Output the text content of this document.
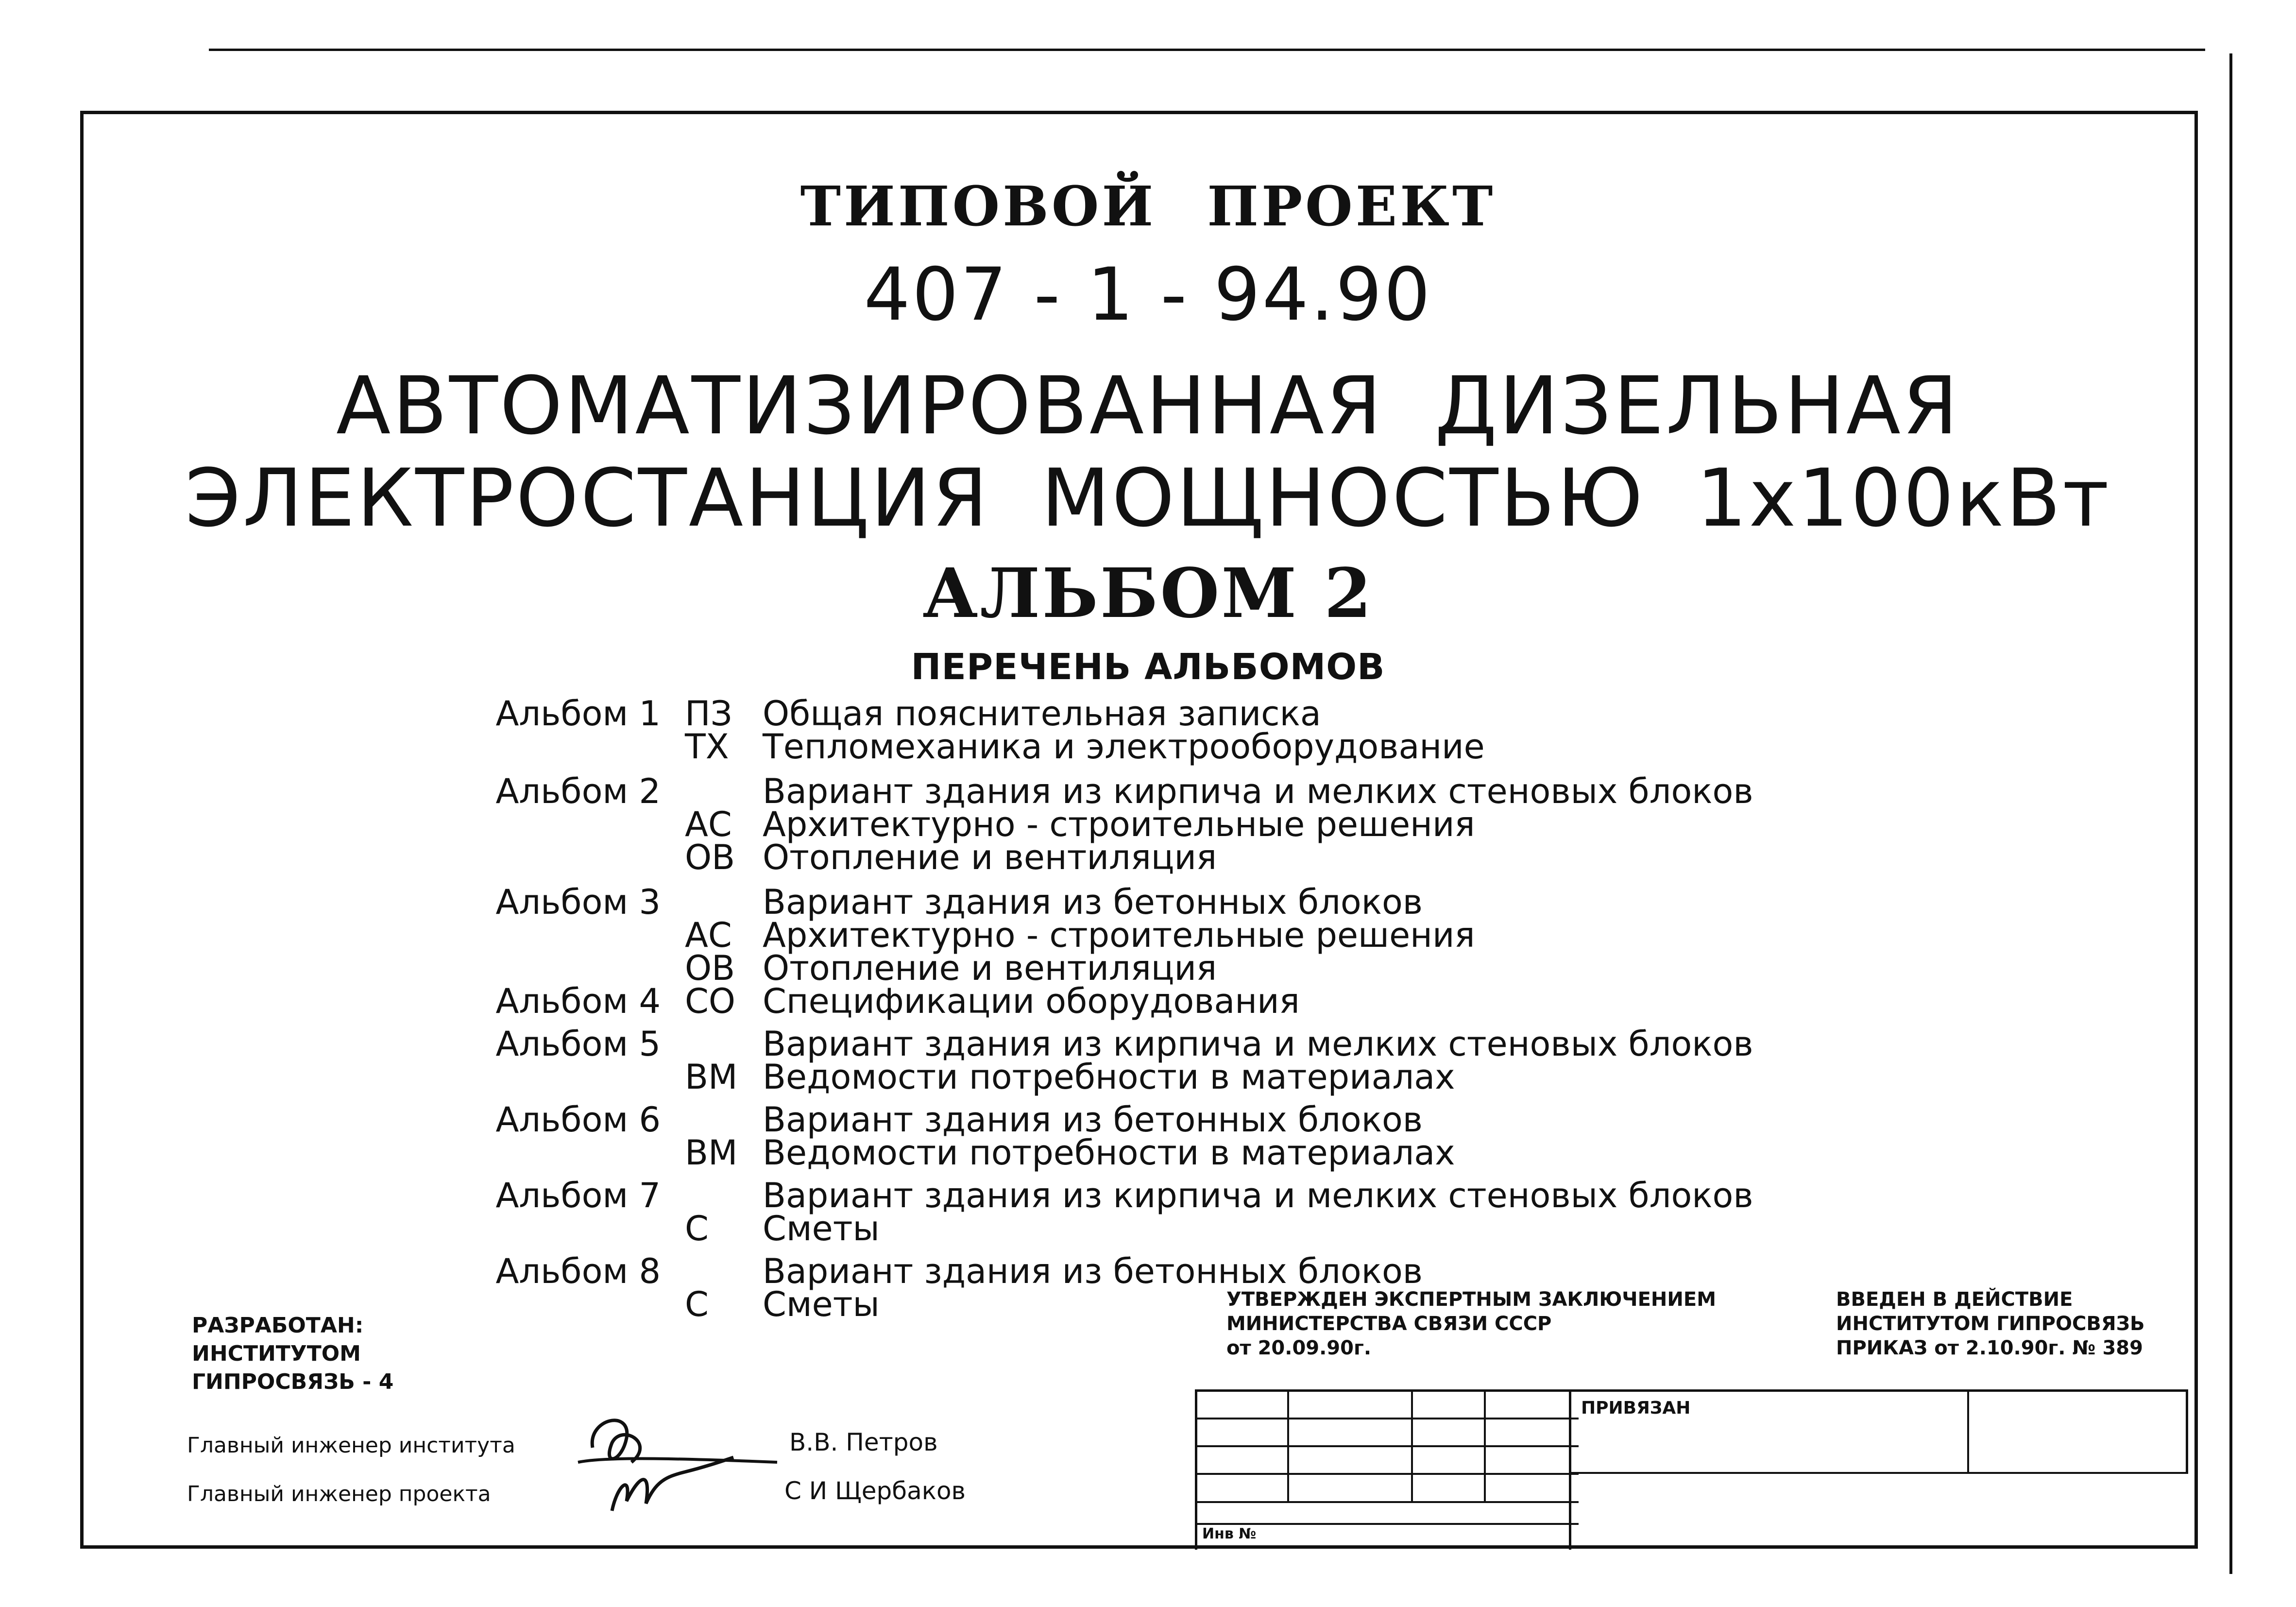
ТИПОВОЙ ПРОЕКТ
407 - 1 - 94.90
АВТОМАТИЗИРОВАННАЯ ДИЗЕЛЬНАЯ
ЭЛЕКТРОСТАНЦИЯ МОЩНОСТЬЮ 1х100кВт
АЛЬБОМ 2
ПЕРЕЧЕНЬ АЛЬБОМОВ
Альбом 1 ПЗ Общая пояснительная записка
ТХ Тепломеханика и электрооборудование
Альбом 2	Вариант здания из кирпича и мелких стеновых блоков
АС Архитектурно - строительные решения
ОВ Отопление и вентиляция
Альбом 3	Вариант здания из бетонных блоков
АС Архитектурно - строительные решения
ОВ Отопление и вентиляция
Альбом 4 СО Спецификации оборудования
Альбом 5	Вариант здания из кирпича и мелких стеновых блоков
ВМ Ведомости потребности в материалах
Альбом 6	Вариант здания из бетонных блоков
ВМ Ведомости потребности в материалах
Альбом 7	Вариант здания из кирпича и мелких стеновых блоков
С	Сметы
Альбом 8	Вариант здания из бетонных блоков
С	Сметы
РАЗРАБОТАН:
ИНСТИТУТОМ
ГИПРОСВЯЗЬ - 4
Главный инженер института
Главный инженер проекта
В.В. Петров
С И Щербаков
УТВЕРЖДЕН ЭКСПЕРТНЫМ ЗАКЛЮЧЕНИЕМ
МИНИСТЕРСТВА СВЯЗИ СССР
от 20.09.90г.
ВВЕДЕН В ДЕЙСТВИЕ
ИНСТИТУТОМ ГИПРОСВЯЗЬ
ПРИКАЗ от 2.10.90г. № 389
ПРИВЯЗАН
Инв №
